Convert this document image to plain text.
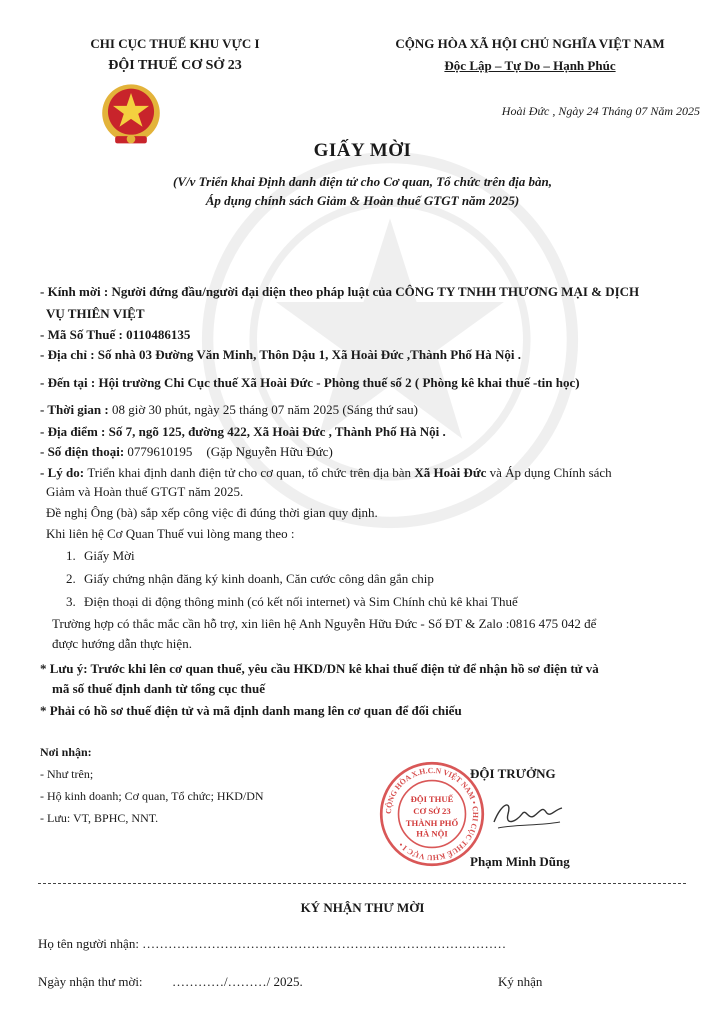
CHI CỤC THUẾ KHU VỰC I
ĐỘI THUẾ CƠ SỞ 23
CỘNG HÒA XÃ HỘI CHỦ NGHĨA VIỆT NAM
Độc Lập – Tự Do – Hạnh Phúc
Hoài Đức , Ngày 24 Tháng 07 Năm 2025
GIẤY MỜI
(V/v Triển khai Định danh điện tử cho Cơ quan, Tổ chức trên địa bàn,
Áp dụng chính sách Giảm & Hoàn thuế GTGT năm 2025)
- Kính mời : Người đứng đầu/người đại diện theo pháp luật của CÔNG TY TNHH THƯƠNG MẠI & DỊCH
VỤ THIÊN VIỆT
- Mã Số Thuế : 0110486135
- Địa chỉ : Số nhà 03 Đường Văn Minh, Thôn Dậu 1, Xã Hoài Đức ,Thành Phố Hà Nội .
- Đến tại : Hội trường Chi Cục thuế Xã Hoài Đức - Phòng thuế số 2 ( Phòng kê khai thuế -tin học)
- Thời gian : 08 giờ 30 phút, ngày 25 tháng 07 năm 2025 (Sáng thứ sau)
- Địa điểm : Số 7, ngõ 125, đường 422, Xã Hoài Đức , Thành Phố Hà Nội .
- Số điện thoại: 0779610195 (Gặp Nguyễn Hữu Đức)
- Lý do: Triển khai định danh điện tử cho cơ quan, tổ chức trên địa bàn Xã Hoài Đức và Áp dụng Chính sách
Giảm và Hoàn thuế GTGT năm 2025.
Đề nghị Ông (bà) sắp xếp công việc đi đúng thời gian quy định.
Khi liên hệ Cơ Quan Thuế vui lòng mang theo :
1. Giấy Mời
2. Giấy chứng nhận đăng ký kinh doanh, Căn cước công dân gắn chip
3. Điện thoại di động thông minh (có kết nối internet) và Sim Chính chủ kê khai Thuế
Trường hợp có thắc mắc cần hỗ trợ, xin liên hệ Anh Nguyễn Hữu Đức - Số ĐT & Zalo :0816 475 042 để
được hướng dẫn thực hiện.
* Lưu ý: Trước khi lên cơ quan thuế, yêu cầu HKD/DN kê khai thuế điện tử để nhận hồ sơ điện tử và
mã số thuế định danh từ tổng cục thuế
* Phải có hồ sơ thuế điện tử và mã định danh mang lên cơ quan để đối chiếu
Nơi nhận:
- Như trên;
- Hộ kinh doanh; Cơ quan, Tổ chức; HKD/DN
- Lưu: VT, BPHC, NNT.
ĐỘI TRƯỞNG
CỘNG HÒA X.H.C.N VIỆT NAM • CHI CỤC THUẾ KHU VỰC I •
ĐỘI THUẾ
CƠ SỞ 23
THÀNH PHỐ
HÀ NỘI
Phạm Minh Dũng
KÝ NHẬN THƯ MỜI
Họ tên người nhận: …………………………………………………………………………
Ngày nhận thư mời: …………/………/ 2025.	Ký nhận
